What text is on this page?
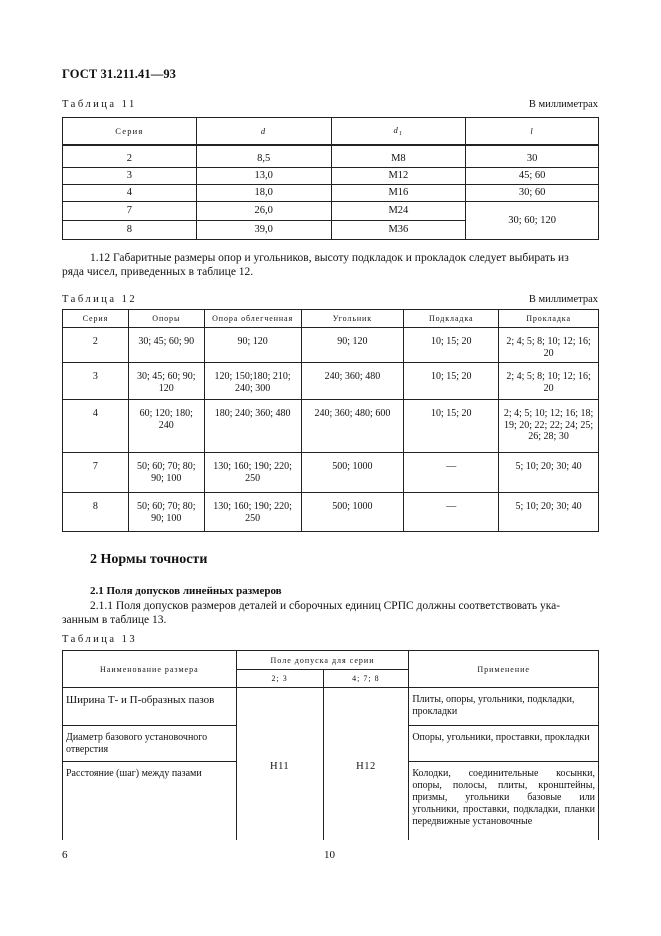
ГОСТ 31.211.41—93
Таблица 11	В миллиметрах
Серия	d	$d_1$	l
2	8,5	M8	30
3	13,0	M12	45; 60
4	18,0	M16	30; 60
7	26,0	M24	30; 60; 120
8	39,0	M36	
1.12 Габаритные размеры опор и угольников, высоту подкладок и прокладок следует выбирать из
ряда чисел, приведенных в таблице 12.
Таблица 12	В миллиметрах
Серия	Опоры	Опора облегченная	Угольник	Подкладка	Прокладка
2	30; 45; 60; 90	90; 120	90; 120	10; 15; 20	2; 4; 5; 8; 10; 12; 16; 20
3	30; 45; 60; 90; 120	120; 150;180; 210; 240; 300	240; 360; 480	10; 15; 20	2; 4; 5; 8; 10; 12; 16; 20
4	60; 120; 180; 240	180; 240; 360; 480	240; 360; 480; 600	10; 15; 20	2; 4; 5; 10; 12; 16; 18; 19; 20; 22; 22; 24; 25; 26; 28; 30
7	50; 60; 70; 80; 90; 100	130; 160; 190; 220; 250	500; 1000	—	5; 10; 20; 30; 40
8	50; 60; 70; 80; 90; 100	130; 160; 190; 220; 250	500; 1000	—	5; 10; 20; 30; 40
2 Нормы точности
2.1 Поля допусков линейных размеров
2.1.1 Поля допусков размеров деталей и сборочных единиц СРПС должны соответствовать ука-
занным в таблице 13.
Таблица 13
Наименование размера	Поле допуска для серии		Применение
	2; 3	4; 7; 8	
Ширина Т- и П-образных пазов	H11	H12	Плиты, опоры, угольники, подкладки, прокладки
Диаметр базового установочного отверстия			Опоры, угольники, проставки, прокладки
Расстояние (шаг) между пазами			Колодки, соединительные косынки, опоры, полосы, плиты, кронштейны, призмы, угольники базовые или угольники, проставки, подкладки, планки передвижные установочные
6	10
